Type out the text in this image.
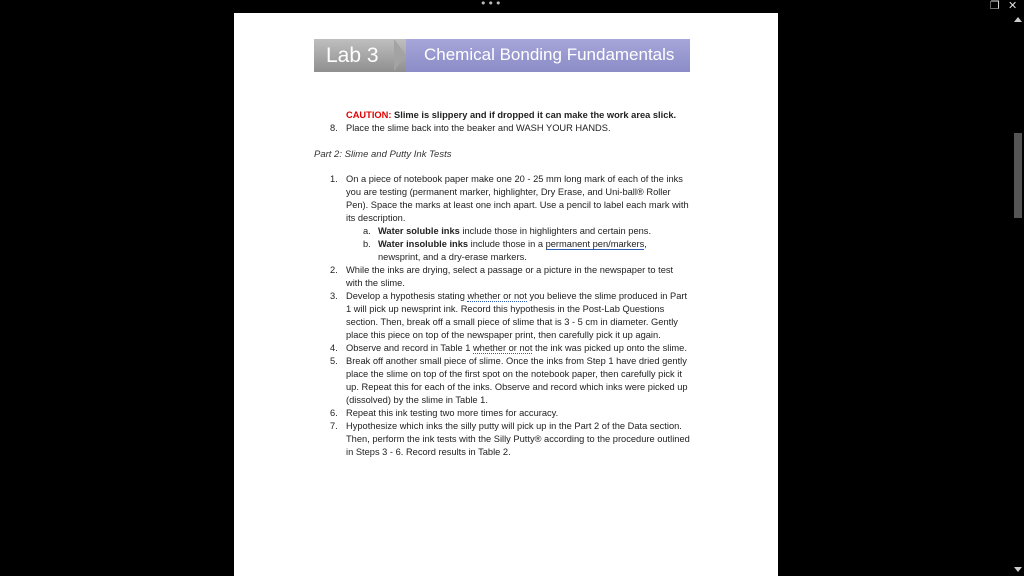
•••	❐ ✕
Lab 3	Chemical Bonding Fundamentals
CAUTION: Slime is slippery and if dropped it can make the work area slick.
8. Place the slime back into the beaker and WASH YOUR HANDS.
Part 2: Slime and Putty Ink Tests
1. On a piece of notebook paper make one 20 - 25 mm long mark of each of the inks you are testing (permanent marker, highlighter, Dry Erase, and Uni-ball® Roller Pen). Space the marks at least one inch apart. Use a pencil to label each mark with its description.
a. Water soluble inks include those in highlighters and certain pens.
b. Water insoluble inks include those in a permanent pen/markers, newsprint, and a dry-erase markers.
2. While the inks are drying, select a passage or a picture in the newspaper to test with the slime.
3. Develop a hypothesis stating whether or not you believe the slime produced in Part 1 will pick up newsprint ink. Record this hypothesis in the Post-Lab Questions section. Then, break off a small piece of slime that is 3 - 5 cm in diameter. Gently place this piece on top of the newspaper print, then carefully pick it up again.
4. Observe and record in Table 1 whether or not the ink was picked up onto the slime.
5. Break off another small piece of slime. Once the inks from Step 1 have dried gently place the slime on top of the first spot on the notebook paper, then carefully pick it up. Repeat this for each of the inks. Observe and record which inks were picked up (dissolved) by the slime in Table 1.
6. Repeat this ink testing two more times for accuracy.
7. Hypothesize which inks the silly putty will pick up in the Part 2 of the Data section. Then, perform the ink tests with the Silly Putty® according to the procedure outlined in Steps 3 - 6. Record results in Table 2.
